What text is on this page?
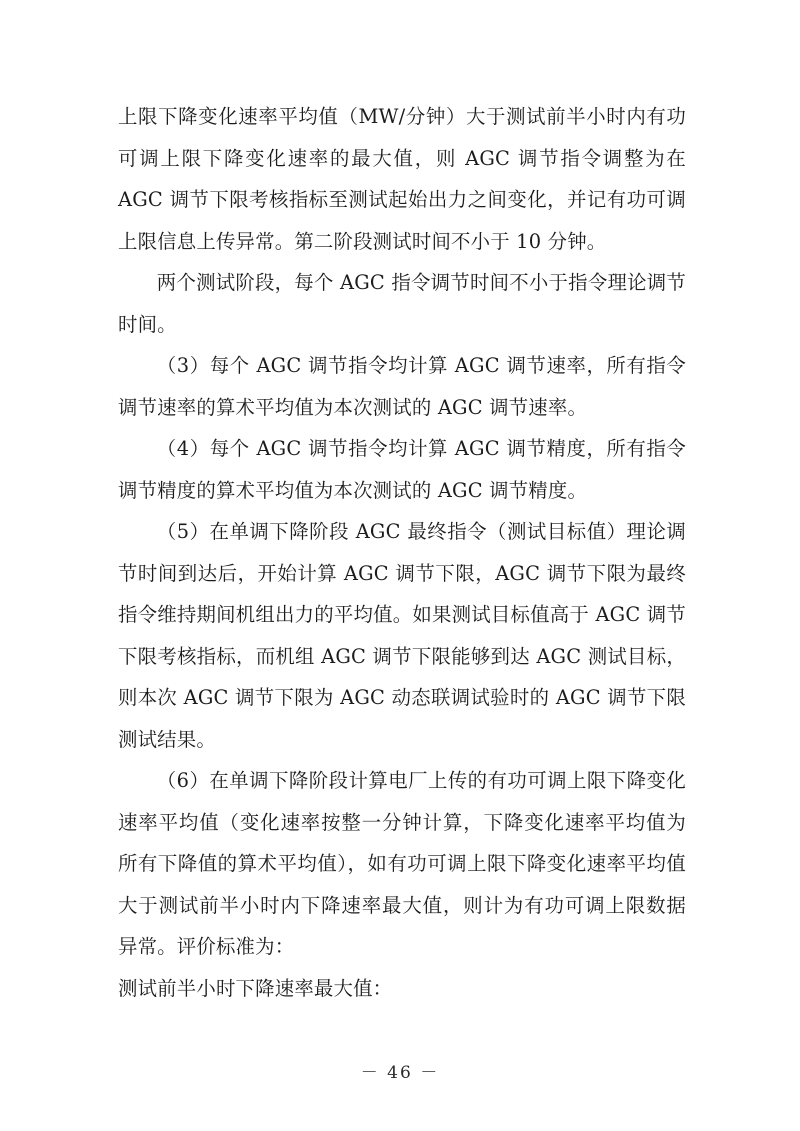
上限下降变化速率平均值（MW/分钟）大于测试前半小时内有功可调上限下降变化速率的最大值，则 AGC 调节指令调整为在 AGC 调节下限考核指标至测试起始出力之间变化，并记有功可调上限信息上传异常。第二阶段测试时间不小于 10 分钟。

两个测试阶段，每个 AGC 指令调节时间不小于指令理论调节时间。

（3）每个 AGC 调节指令均计算 AGC 调节速率，所有指令调节速率的算术平均值为本次测试的 AGC 调节速率。

（4）每个 AGC 调节指令均计算 AGC 调节精度，所有指令调节精度的算术平均值为本次测试的 AGC 调节精度。

（5）在单调下降阶段 AGC 最终指令（测试目标值）理论调节时间到达后，开始计算 AGC 调节下限，AGC 调节下限为最终指令维持期间机组出力的平均值。如果测试目标值高于 AGC 调节下限考核指标，而机组 AGC 调节下限能够到达 AGC 测试目标，则本次 AGC 调节下限为 AGC 动态联调试验时的 AGC 调节下限测试结果。

（6）在单调下降阶段计算电厂上传的有功可调上限下降变化速率平均值（变化速率按整一分钟计算，下降变化速率平均值为所有下降值的算术平均值），如有功可调上限下降变化速率平均值大于测试前半小时内下降速率最大值，则计为有功可调上限数据异常。评价标准为：

测试前半小时下降速率最大值：

－ 46 －
